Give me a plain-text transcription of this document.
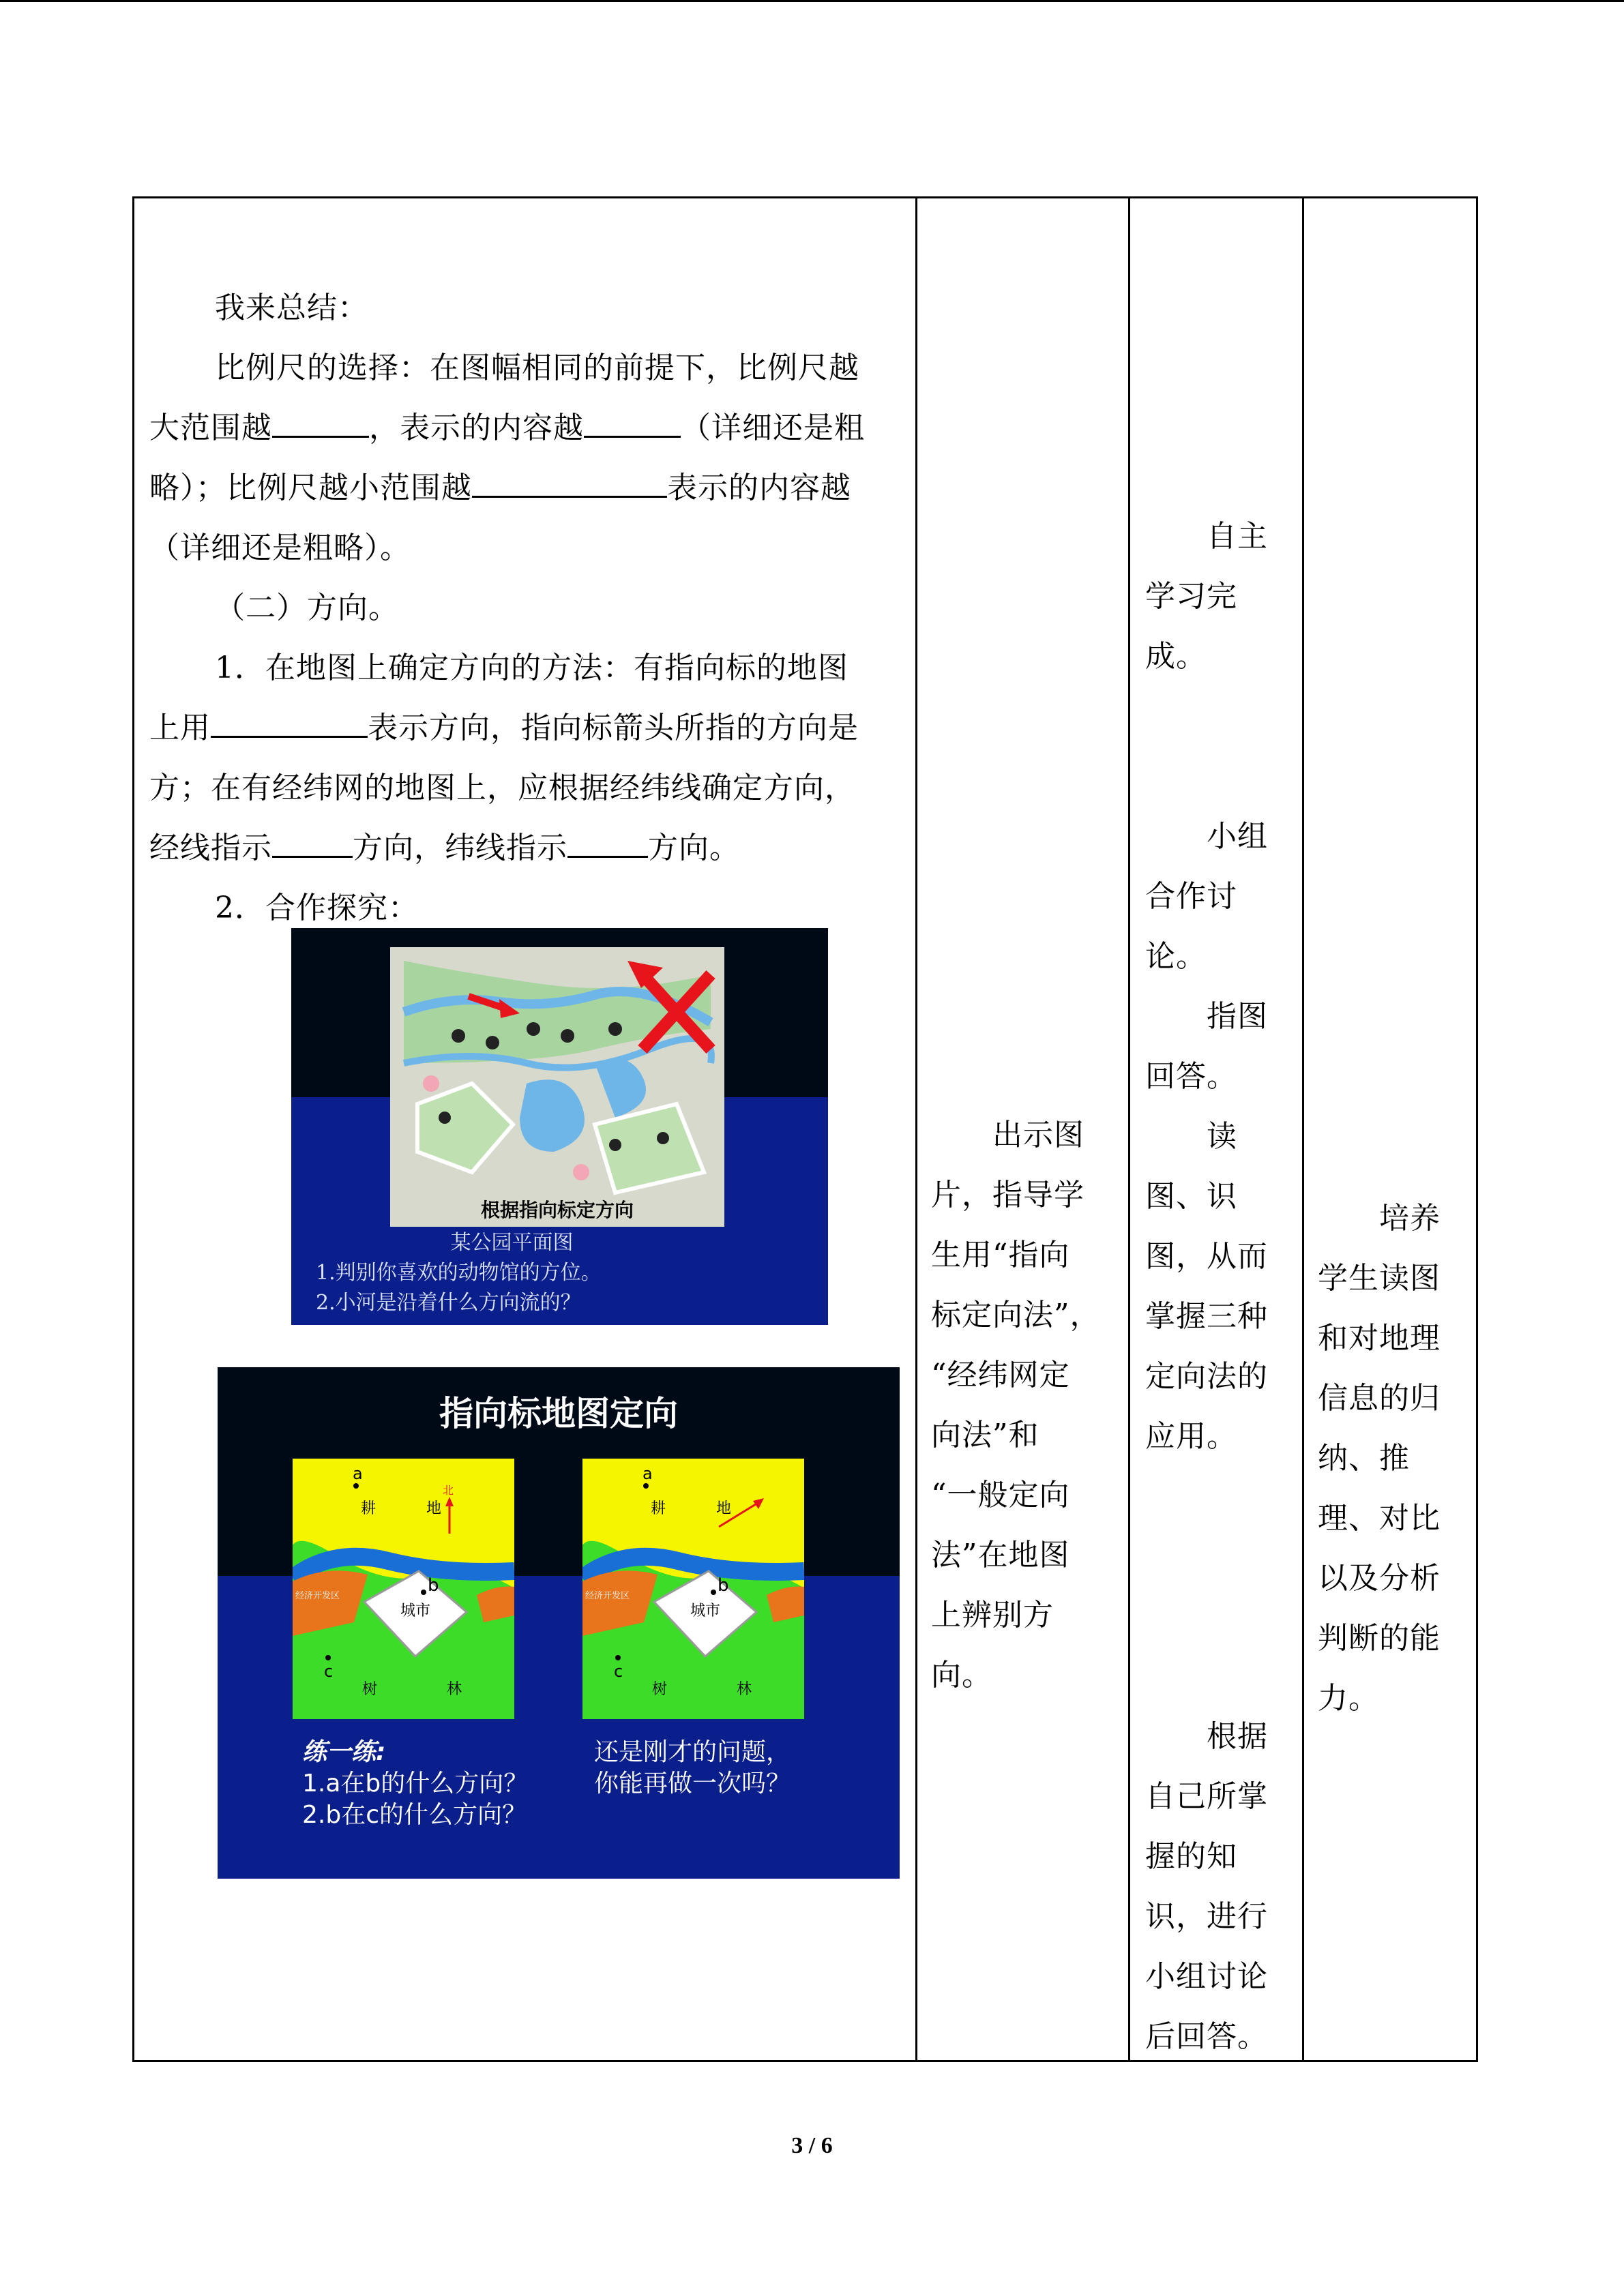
我来总结：
比例尺的选择：在图幅相同的前提下，比例尺越
大范围越	，表示的内容越	（详细还是粗
略）；比例尺越小范围越	表示的内容越
（详细还是粗略）。
（二）方向。
1．在地图上确定方向的方法：有指向标的地图
上用	表示方向，指向标箭头所指的方向是
方；在有经纬网的地图上，应根据经纬线确定方向，
经线指示	方向，纬线指示	方向。
2．合作探究：
根据指向标定方向
某公园平面图
1.判别你喜欢的动物馆的方位。
2.小河是沿着什么方向流的？
指向标地图定向
a
b
c
耕	地
北
经济开发区
城市
树	林
a
b
c
耕	地
经济开发区
城市
树	林
练一练:
1.a在b的什么方向？
2.b在c的什么方向？
还是刚才的问题，
你能再做一次吗？

出示图
片，指导学
生用“指向
标定向法”，
“经纬网定
向法”和
“一般定向
法”在地图
上辨别方
向。

自主
学习完
成。
小组
合作讨
论。
指图
回答。
读
图、识
图，从而
掌握三种
定向法的
应用。
根据
自己所掌
握的知
识，进行
小组讨论
后回答。

培养
学生读图
和对地理
信息的归
纳、推
理、对比
以及分析
判断的能
力。
3 / 6
